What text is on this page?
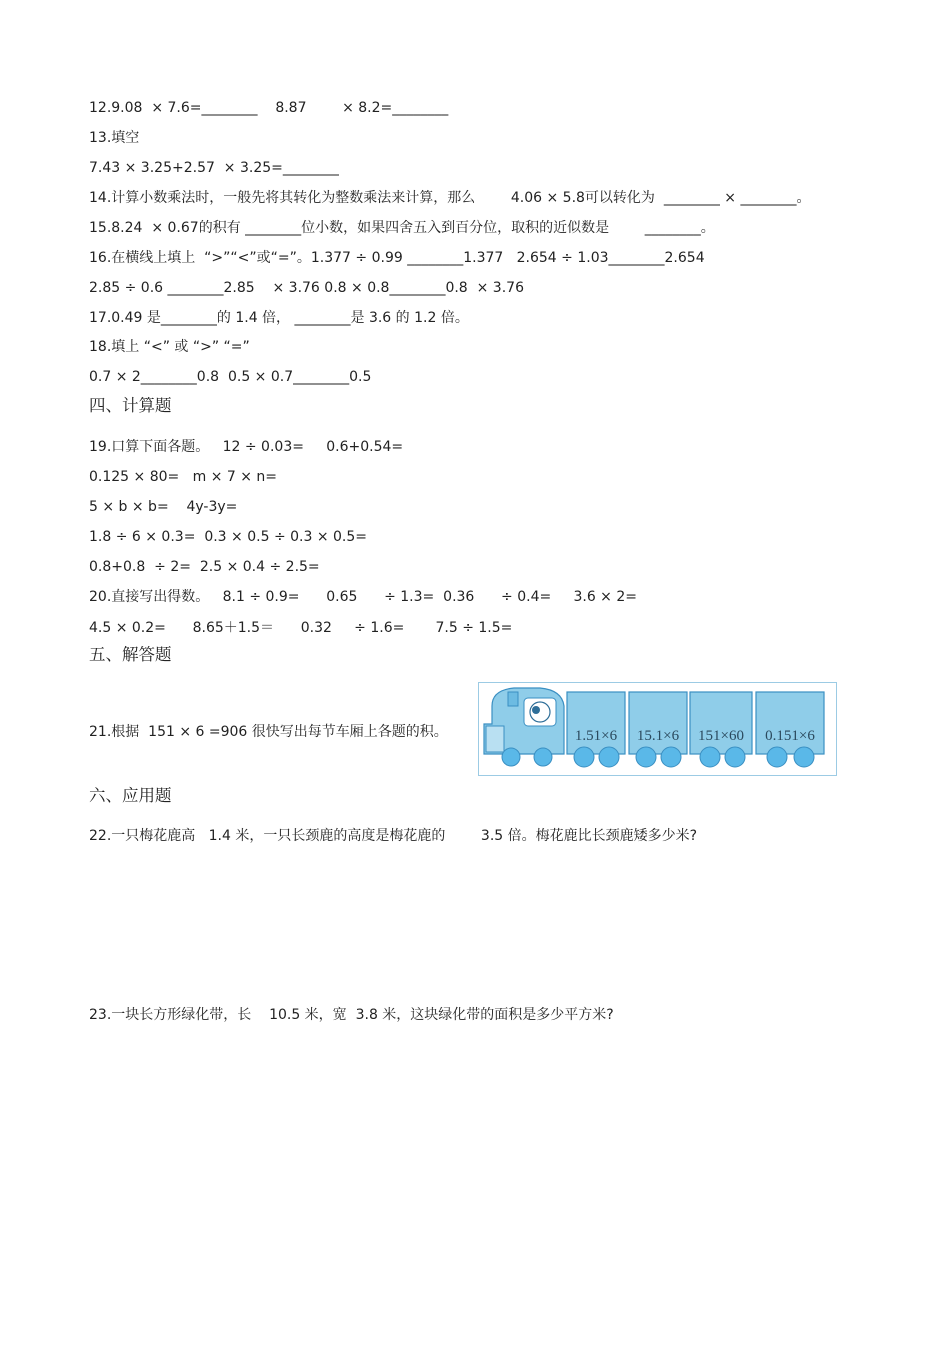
12.9.08  × 7.6=________    8.87        × 8.2=________
13.填空
7.43 × 3.25+2.57  × 3.25=________
14.计算小数乘法时，一般先将其转化为整数乘法来计算，那么        4.06 × 5.8可以转化为  ________ × ________。
15.8.24  × 0.67的积有 ________位小数，如果四舍五入到百分位，取积的近似数是        ________。
16.在横线上填上  “>”“<”或“=”。1.377 ÷ 0.99 ________1.377   2.654 ÷ 1.03________2.654
2.85 ÷ 0.6 ________2.85    × 3.76 0.8 × 0.8________0.8  × 3.76
17.0.49 是________的 1.4 倍， ________是 3.6 的 1.2 倍。
18.填上 “<” 或 “>” “=”
0.7 × 2________0.8  0.5 × 0.7________0.5
四、计算题
19.口算下面各题。   12 ÷ 0.03=     0.6+0.54=
0.125 × 80=   m × 7 × n=
5 × b × b=    4y-3y=
1.8 ÷ 6 × 0.3=  0.3 × 0.5 ÷ 0.3 × 0.5=
0.8+0.8  ÷ 2=  2.5 × 0.4 ÷ 2.5=
20.直接写出得数。   8.1 ÷ 0.9=      0.65      ÷ 1.3=  0.36      ÷ 0.4=     3.6 × 2=
4.5 × 0.2=      8.65＋1.5＝      0.32     ÷ 1.6=       7.5 ÷ 1.5=
五、解答题
21.根据  151 × 6 =906 很快写出每节车厢上各题的积。	1.51×6 15.1×6 151×60 0.151×6
六、应用题
22.一只梅花鹿高   1.4 米，一只长颈鹿的高度是梅花鹿的        3.5 倍。梅花鹿比长颈鹿矮多少米?
23.一块长方形绿化带，长    10.5 米，宽  3.8 米，这块绿化带的面积是多少平方米?
